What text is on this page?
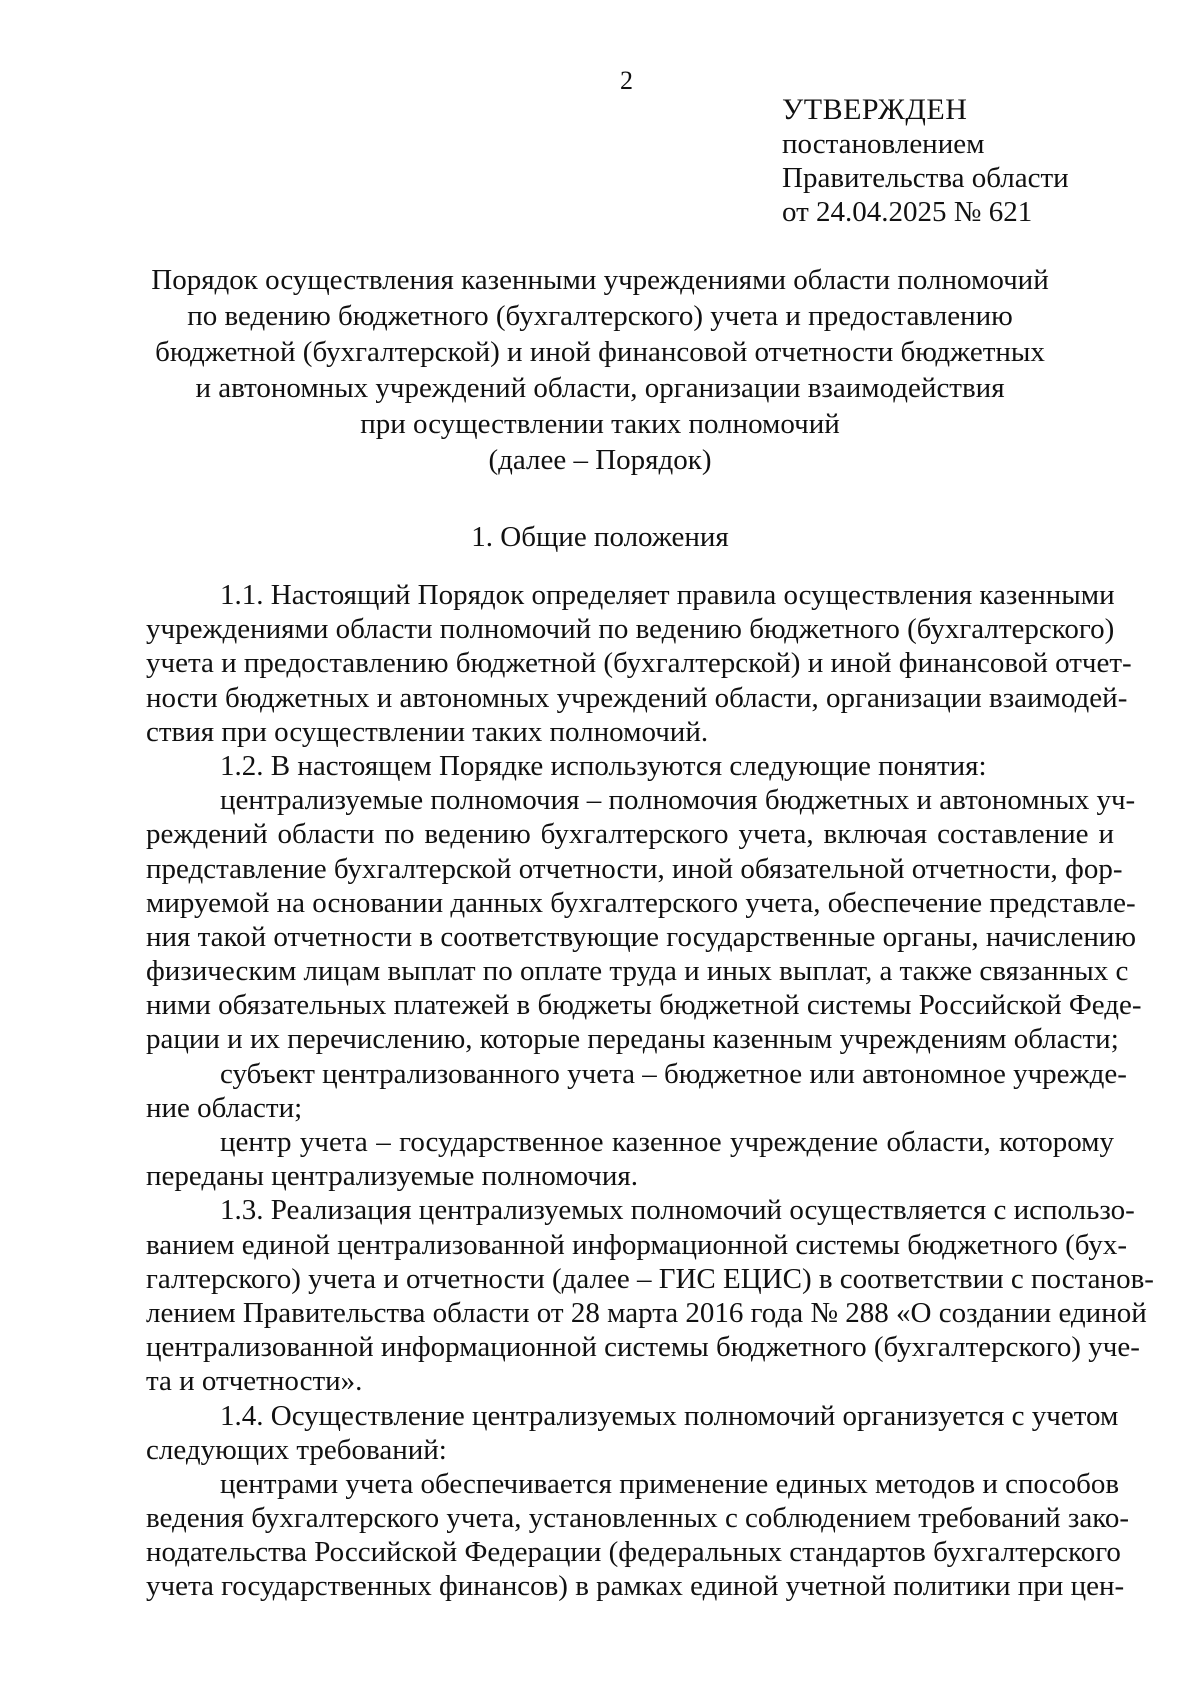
2
УТВЕРЖДЕН
постановлением
Правительства области
от 24.04.2025 № 621
Порядок осуществления казенными учреждениями области полномочий
по ведению бюджетного (бухгалтерского) учета и предоставлению
бюджетной (бухгалтерской) и иной финансовой отчетности бюджетных
и автономных учреждений области, организации взаимодействия
при осуществлении таких полномочий
(далее – Порядок)
1. Общие положения
1.1. Настоящий Порядок определяет правила осуществления казенными
учреждениями области полномочий по ведению бюджетного (бухгалтерского)
учета и предоставлению бюджетной (бухгалтерской) и иной финансовой отчет-
ности бюджетных и автономных учреждений области, организации взаимодей-
ствия при осуществлении таких полномочий.
1.2. В настоящем Порядке используются следующие понятия:
централизуемые полномочия – полномочия бюджетных и автономных уч-
реждений области по ведению бухгалтерского учета, включая составление и
представление бухгалтерской отчетности, иной обязательной отчетности, фор-
мируемой на основании данных бухгалтерского учета, обеспечение представле-
ния такой отчетности в соответствующие государственные органы, начислению
физическим лицам выплат по оплате труда и иных выплат, а также связанных с
ними обязательных платежей в бюджеты бюджетной системы Российской Феде-
рации и их перечислению, которые переданы казенным учреждениям области;
субъект централизованного учета – бюджетное или автономное учрежде-
ние области;
центр учета – государственное казенное учреждение области, которому
переданы централизуемые полномочия.
1.3. Реализация централизуемых полномочий осуществляется с использо-
ванием единой централизованной информационной системы бюджетного (бух-
галтерского) учета и отчетности (далее – ГИС ЕЦИС) в соответствии с постанов-
лением Правительства области от 28 марта 2016 года № 288 «О создании единой
централизованной информационной системы бюджетного (бухгалтерского) уче-
та и отчетности».
1.4. Осуществление централизуемых полномочий организуется с учетом
следующих требований:
центрами учета обеспечивается применение единых методов и способов
ведения бухгалтерского учета, установленных с соблюдением требований зако-
нодательства Российской Федерации (федеральных стандартов бухгалтерского
учета государственных финансов) в рамках единой учетной политики при цен-
